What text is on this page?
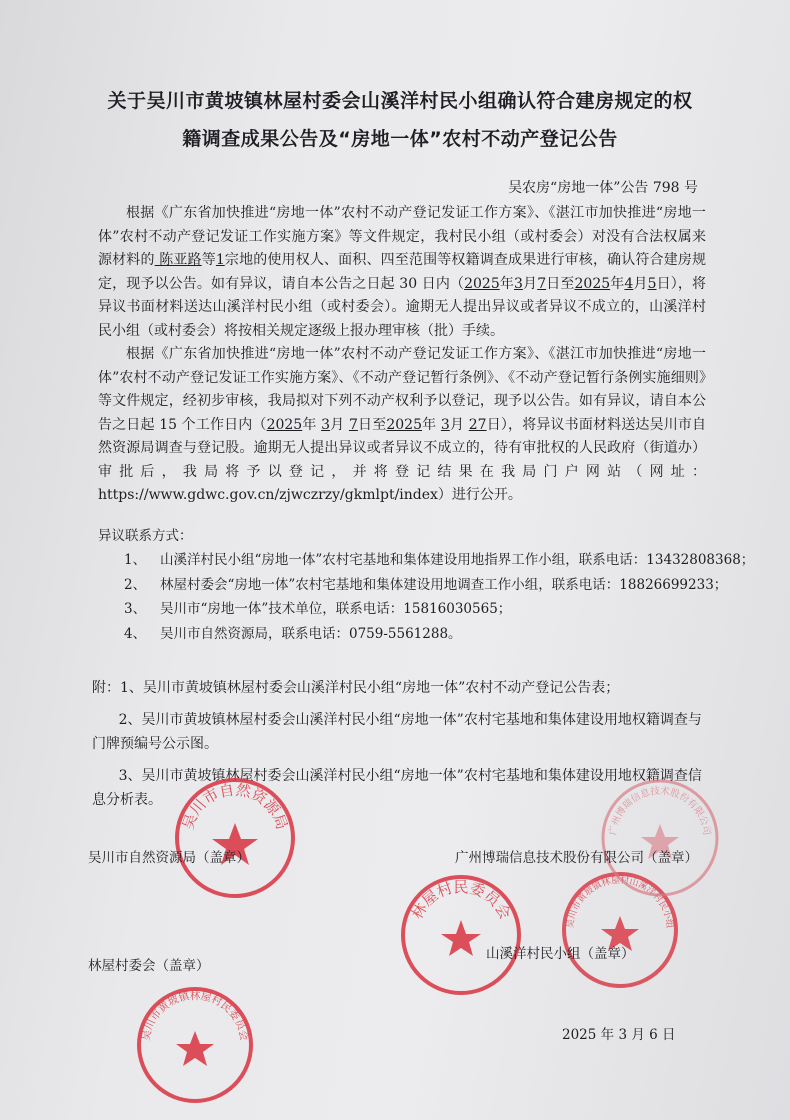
关于吴川市黄坡镇林屋村委会山溪洋村民小组确认符合建房规定的权
籍调查成果公告及“房地一体”农村不动产登记公告
吴农房“房地一体”公告 798 号

根据《广东省加快推进“房地一体”农村不动产登记发证工作方案》、《湛江市加快推进“房地一体”农村不动产登记发证工作实施方案》等文件规定，我村民小组（或村委会）对没有合法权属来源材料的 陈亚路等1宗地的使用权人、面积、四至范围等权籍调查成果进行审核，确认符合建房规定，现予以公告。如有异议，请自本公告之日起 30 日内（2025年3月7日至2025年4月5日），将异议书面材料送达山溪洋村民小组（或村委会）。逾期无人提出异议或者异议不成立的，山溪洋村民小组（或村委会）将按相关规定逐级上报办理审核（批）手续。

根据《广东省加快推进“房地一体”农村不动产登记发证工作方案》、《湛江市加快推进“房地一体”农村不动产登记发证工作实施方案》、《不动产登记暂行条例》、《不动产登记暂行条例实施细则》等文件规定，经初步审核，我局拟对下列不动产权利予以登记，现予以公告。如有异议，请自本公告之日起 15 个工作日内（2025年 3月 7日至2025年 3月 27日），将异议书面材料送达吴川市自然资源局调查与登记股。逾期无人提出异议或者异议不成立的，待有审批权的人民政府（街道办）审批后，我局将予以登记，并将登记结果在我局门户网站（网址：https://www.gdwc.gov.cn/zjwczrzy/gkmlpt/index）进行公开。

异议联系方式：
1、 山溪洋村民小组“房地一体”农村宅基地和集体建设用地指界工作小组，联系电话：13432808368；
2、 林屋村委会“房地一体”农村宅基地和集体建设用地调查工作小组，联系电话：18826699233；
3、 吴川市“房地一体”技术单位，联系电话：15816030565；
4、 吴川市自然资源局，联系电话：0759-5561288。

附：1、吴川市黄坡镇林屋村委会山溪洋村民小组“房地一体”农村不动产登记公告表；

2、吴川市黄坡镇林屋村委会山溪洋村民小组“房地一体”农村宅基地和集体建设用地权籍调查与门牌预编号公示图。

3、吴川市黄坡镇林屋村委会山溪洋村民小组“房地一体”农村宅基地和集体建设用地权籍调查信息分析表。

吴川市自然资源局
吴川市黄坡镇林屋村民委员会
林屋村民委员会
吴川市黄坡镇林屋村山溪洋村民小组
广州博瑞信息技术股份有限公司
吴川市自然资源局（盖章）	广州博瑞信息技术股份有限公司（盖章）
林屋村委会（盖章）
山溪洋村民小组（盖章）
2025 年 3 月 6 日
